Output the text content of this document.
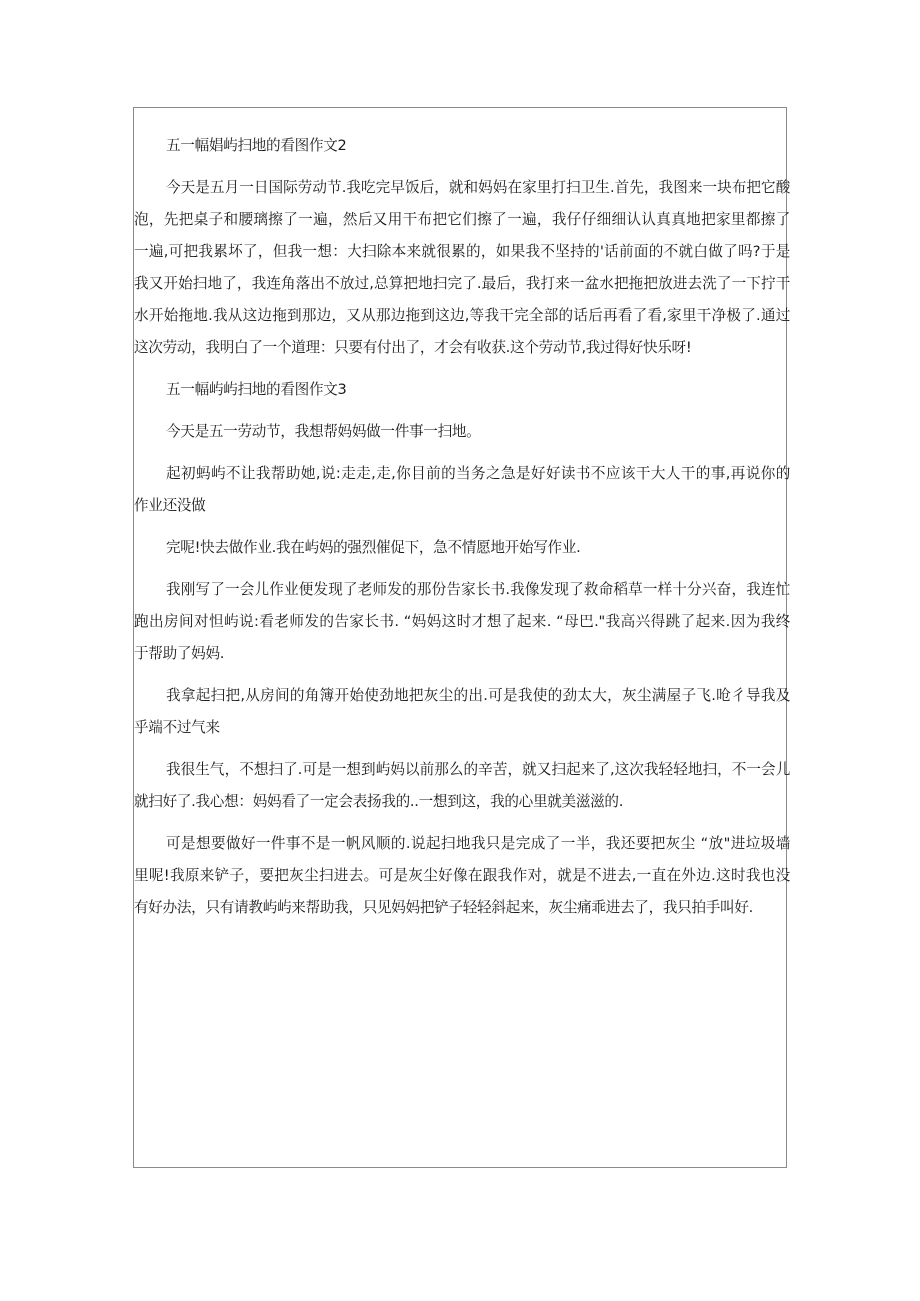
五一幅娼屿扫地的看图作文2

今天是五月一日国际劳动节.我吃完早饭后，就和妈妈在家里打扫卫生.首先，我图来一块布把它酸
泡，先把桌子和腰璃擦了一遍，然后又用干布把它们擦了一遍，我仔仔细细认认真真地把家里都擦了
一遍,可把我累坏了，但我一想：大扫除本来就很累的，如果我不坚持的'话前面的不就白做了吗?于是
我又开始扫地了，我连角落出不放过,总算把地扫完了.最后，我打来一盆水把拖把放进去洗了一下拧干
水开始拖地.我从这边拖到那边，又从那边拖到这边,等我干完全部的话后再看了看,家里干净极了.通过
这次劳动，我明白了一个道理：只要有付出了，才会有收获.这个劳动节,我过得好快乐呀!

五一幅屿屿扫地的看图作文3

今天是五一劳动节，我想帮妈妈做一件事一扫地。

起初蚂屿不让我帮助她,说:走走,走,你目前的当务之急是好好读书不应该干大人干的事,再说你的
作业还没做

完呢!快去做作业.我在屿妈的强烈催促下，急不情愿地开始写作业.

我刚写了一会儿作业便发现了老师发的那份告家长书.我像发现了救命稻草一样十分兴奋，我连忙
跑出房间对怛屿说:看老师发的告家长书. “妈妈这时才想了起来. “母巴."我高兴得跳了起来.因为我终
于帮助了妈妈.

我拿起扫把,从房间的角簿开始使劲地把灰尘的出.可是我使的劲太大，灰尘满屋子飞.呛彳导我及
乎端不过气来

我很生气，不想扫了.可是一想到屿妈以前那么的辛苦，就又扫起来了,这次我轻轻地扫，不一会儿
就扫好了.我心想：妈妈看了一定会表扬我的..一想到这，我的心里就美滋滋的.

可是想要做好一件事不是一帆风顺的.说起扫地我只是完成了一半，我还要把灰尘 “放"进垃圾墙
里呢!我原来铲子，要把灰尘扫进去。可是灰尘好像在跟我作对，就是不进去,一直在外边.这时我也没
有好办法，只有请教屿屿来帮助我，只见妈妈把铲子轻轻斜起来，灰尘痛乖进去了，我只拍手叫好.
